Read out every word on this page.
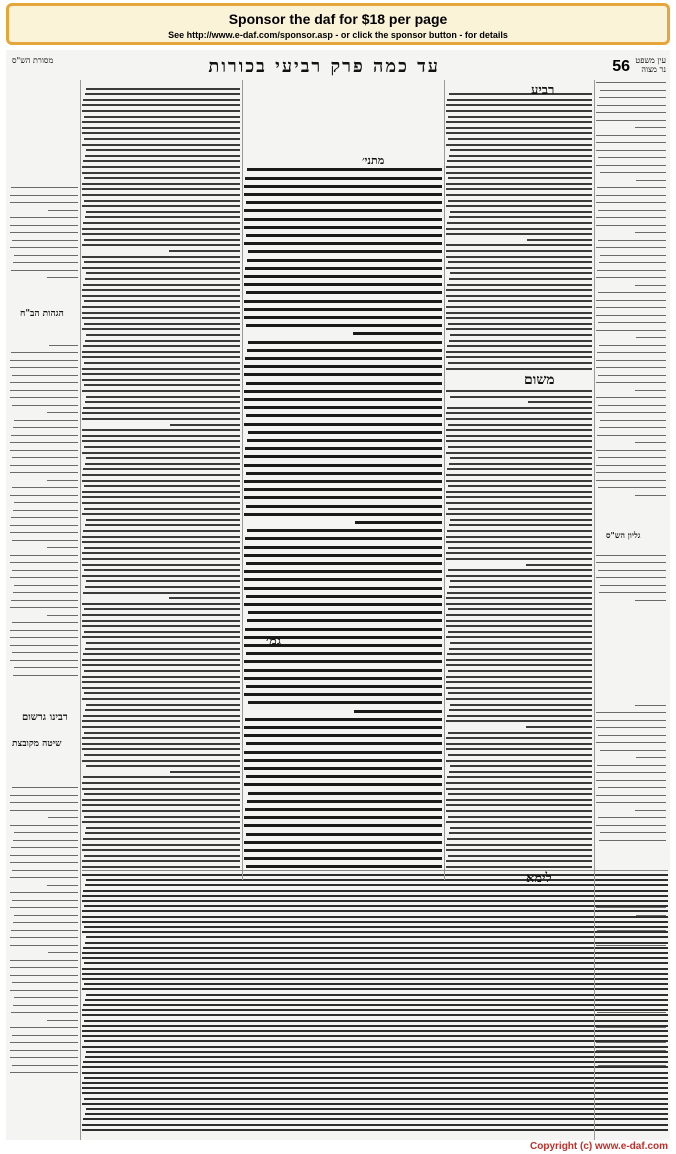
Sponsor the daf for $18 per page
See http://www.e-daf.com/sponsor.asp - or click the sponsor button - for details
56
עד כמה פרק רביעי בכורות	עין משפט נר מצוה
מסורת הש"ס
רביע
משום
לימא
מתני׳
גמ׳
רבינו גרשום
שיטה מקובצת
הגהות הב"ח
גליון הש"ס
Copyright (c) www.e-daf.com
